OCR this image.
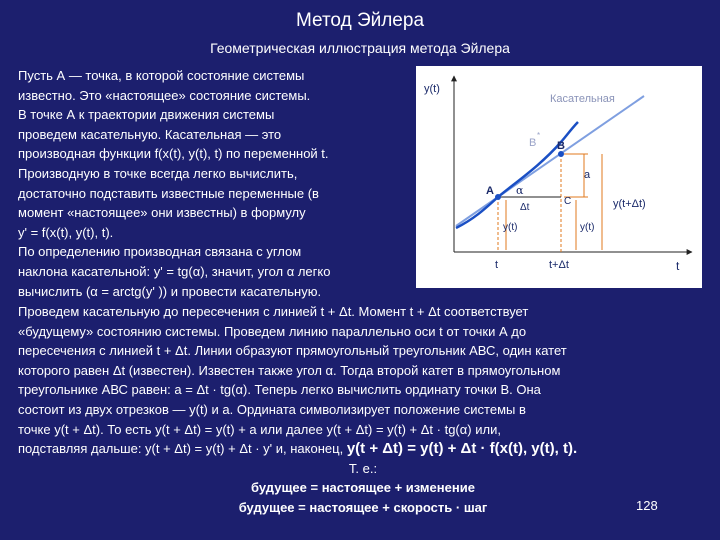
Метод Эйлера
Геометрическая иллюстрация метода Эйлера
Пусть А — точка, в которой состояние системы
известно. Это «настоящее» состояние системы.
В точке А к траектории движения системы
проведем касательную. Касательная — это
производная функции f(x(t), y(t), t) по переменной t.
Производную в точке всегда легко вычислить,
достаточно подставить известные переменные (в
момент «настоящее» они известны) в формулу
y' = f(x(t), y(t), t).
По определению производная связана с углом
наклона касательной: y' = tg(α), значит, угол α легко
вычислить (α = arctg(y' )) и провести касательную.
y(t)
Касательная
B
*
B
a
A α
Δt
C	y(t+Δt)
y(t)	y(t)
t	t+Δt	t
Проведем касательную до пересечения с линией t + Δt. Момент t + Δt соответствует
«будущему» состоянию системы. Проведем линию параллельно оси t от точки А до
пересечения с линией t + Δt. Линии образуют прямоугольный треугольник АВС, один катет
которого равен Δt (известен). Известен также угол α. Тогда второй катет в прямоугольном
треугольнике АВС равен: a = Δt · tg(α). Теперь легко вычислить ординату точки В. Она
состоит из двух отрезков — y(t) и a. Ордината символизирует положение системы в
точке y(t + Δt). То есть y(t + Δt) = y(t) + a или далее y(t + Δt) = y(t) + Δt · tg(α) или,
подставляя дальше: y(t + Δt) = y(t) + Δt · y' и, наконец, y(t + Δt) = y(t) + Δt · f(x(t), y(t), t).
Т. е.:
будущее = настоящее + изменение
будущее = настоящее + скорость · шаг	128
